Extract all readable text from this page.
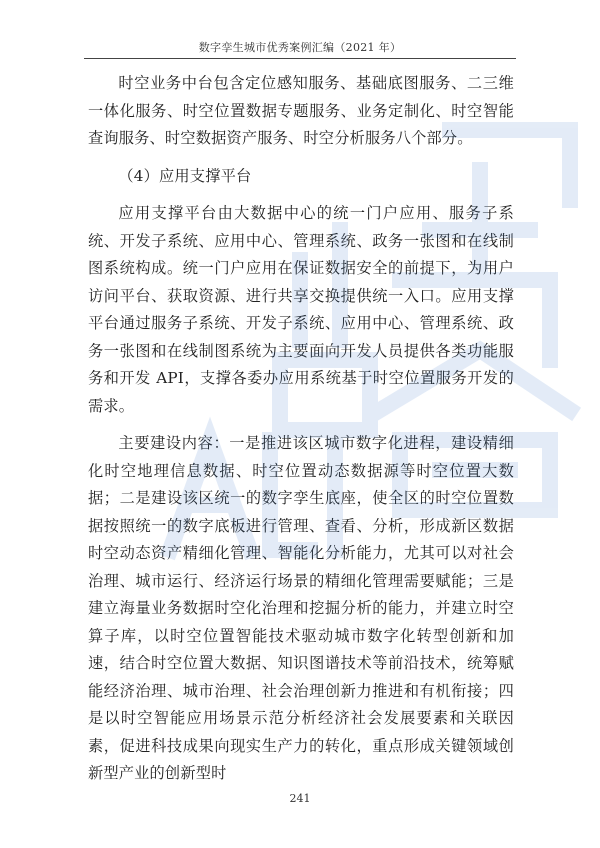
数字孪生城市优秀案例汇编（2021 年）

时空业务中台包含定位感知服务、基础底图服务、二三维一体化服务、时空位置数据专题服务、业务定制化、时空智能查询服务、时空数据资产服务、时空分析服务八个部分。

（4）应用支撑平台

应用支撑平台由大数据中心的统一门户应用、服务子系统、开发子系统、应用中心、管理系统、政务一张图和在线制图系统构成。统一门户应用在保证数据安全的前提下，为用户访问平台、获取资源、进行共享交换提供统一入口。应用支撑平台通过服务子系统、开发子系统、应用中心、管理系统、政务一张图和在线制图系统为主要面向开发人员提供各类功能服务和开发 API，支撑各委办应用系统基于时空位置服务开发的需求。

主要建设内容：一是推进该区城市数字化进程，建设精细化时空地理信息数据、时空位置动态数据源等时空位置大数据；二是建设该区统一的数字孪生底座，使全区的时空位置数据按照统一的数字底板进行管理、查看、分析，形成新区数据时空动态资产精细化管理、智能化分析能力，尤其可以对社会治理、城市运行、经济运行场景的精细化管理需要赋能；三是建立海量业务数据时空化治理和挖掘分析的能力，并建立时空算子库，以时空位置智能技术驱动城市数字化转型创新和加速，结合时空位置大数据、知识图谱技术等前沿技术，统筹赋能经济治理、城市治理、社会治理创新力推进和有机衔接；四是以时空智能应用场景示范分析经济社会发展要素和关联因素，促进科技成果向现实生产力的转化，重点形成关键领域创新型产业的创新型时

241
